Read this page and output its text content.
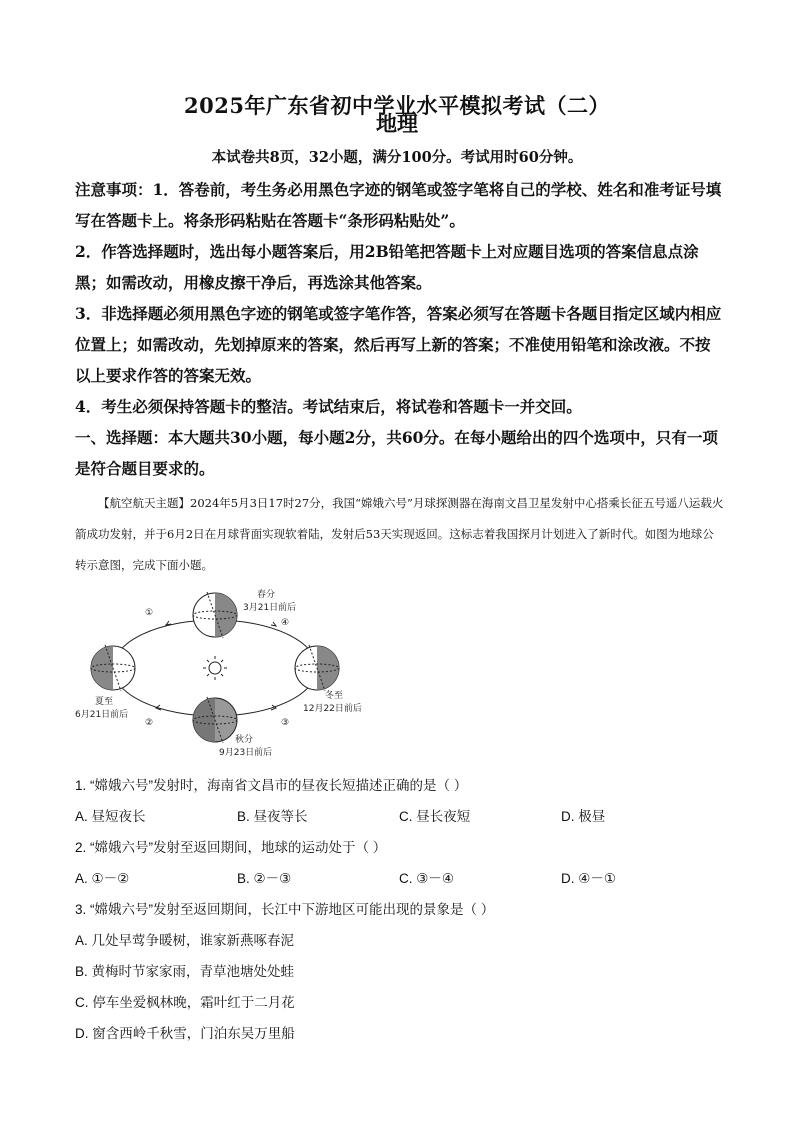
2025年广东省初中学业水平模拟考试（二）
地理
本试卷共8页，32小题，满分100分。考试用时60分钟。

注意事项：1．答卷前，考生务必用黑色字迹的钢笔或签字笔将自己的学校、姓名和准考证号填写在答题卡上。将条形码粘贴在答题卡“条形码粘贴处”。

2．作答选择题时，选出每小题答案后，用2B铅笔把答题卡上对应题目选项的答案信息点涂黑；如需改动，用橡皮擦干净后，再选涂其他答案。

3．非选择题必须用黑色字迹的钢笔或签字笔作答，答案必须写在答题卡各题目指定区域内相应位置上；如需改动，先划掉原来的答案，然后再写上新的答案；不准使用铅笔和涂改液。不按以上要求作答的答案无效。

4．考生必须保持答题卡的整洁。考试结束后，将试卷和答题卡一并交回。

一、选择题：本大题共30小题，每小题2分，共60分。在每小题给出的四个选项中，只有一项是符合题目要求的。

【航空航天主题】2024年5月3日17时27分，我国“嫦娥六号”月球探测器在海南文昌卫星发射中心搭乘长征五号遥八运载火箭成功发射，并于6月2日在月球背面实现软着陆，发射后53天实现返回。这标志着我国探月计划进入了新时代。如图为地球公转示意图，完成下面小题。

春分
3月21日前后
夏至
6月21日前后
秋分
9月23日前后
冬至
12月22日前后
①
②	③
④
1. “嫦娥六号”发射时，海南省文昌市的昼夜长短描述正确的是（ ）
A. 昼短夜长	B. 昼夜等长	C. 昼长夜短	D. 极昼
2. “嫦娥六号”发射至返回期间，地球的运动处于（ ）
A. ①－②	B. ②－③	C. ③－④	D. ④－①
3. “嫦娥六号”发射至返回期间，长江中下游地区可能出现的景象是（ ）
A. 几处早莺争暖树，谁家新燕啄春泥
B. 黄梅时节家家雨，青草池塘处处蛙
C. 停车坐爱枫林晚，霜叶红于二月花
D. 窗含西岭千秋雪，门泊东吴万里船
